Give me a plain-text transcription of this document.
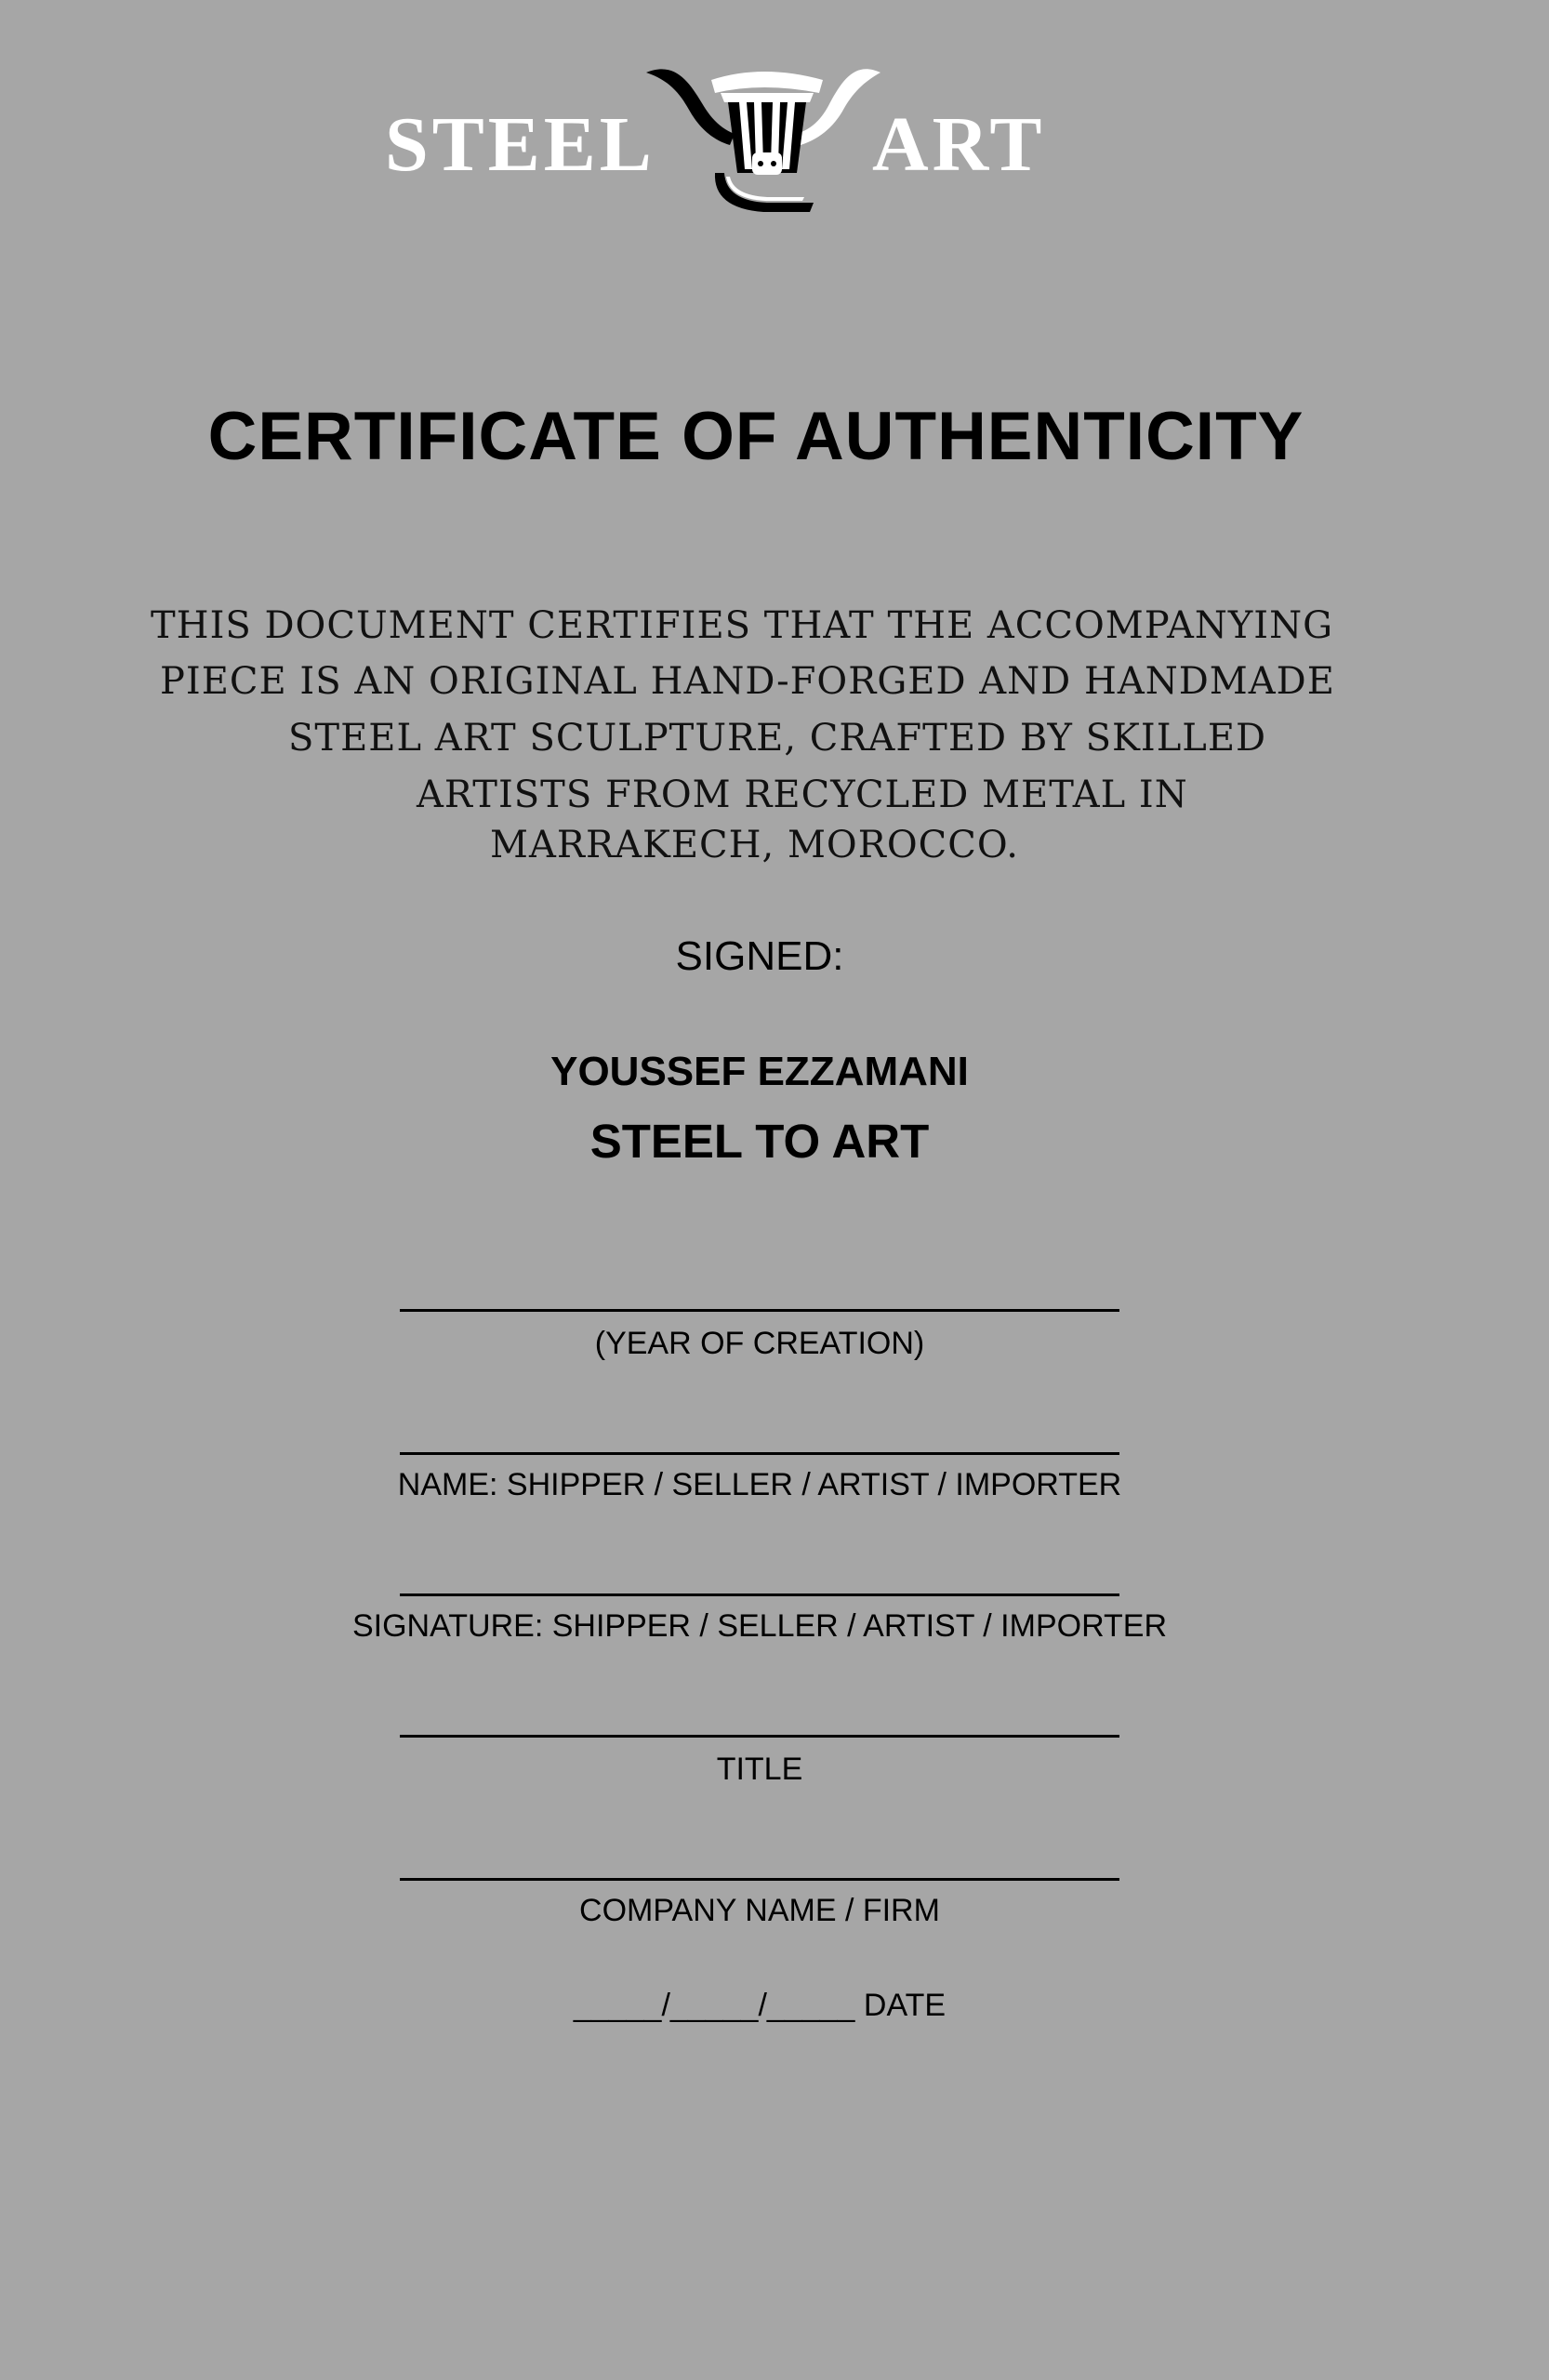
STEEL	ART
CERTIFICATE OF AUTHENTICITY
THIS DOCUMENT CERTIFIES THAT THE ACCOMPANYING
PIECE IS AN ORIGINAL HAND-FORGED AND HANDMADE
STEEL ART SCULPTURE, CRAFTED BY SKILLED
ARTISTS FROM RECYCLED METAL IN
MARRAKECH, MOROCCO.
SIGNED:
YOUSSEF EZZAMANI
STEEL TO ART
(YEAR OF CREATION)
NAME: SHIPPER / SELLER / ARTIST / IMPORTER
SIGNATURE: SHIPPER / SELLER / ARTIST / IMPORTER
TITLE
COMPANY NAME / FIRM
_____/_____/_____ DATE
